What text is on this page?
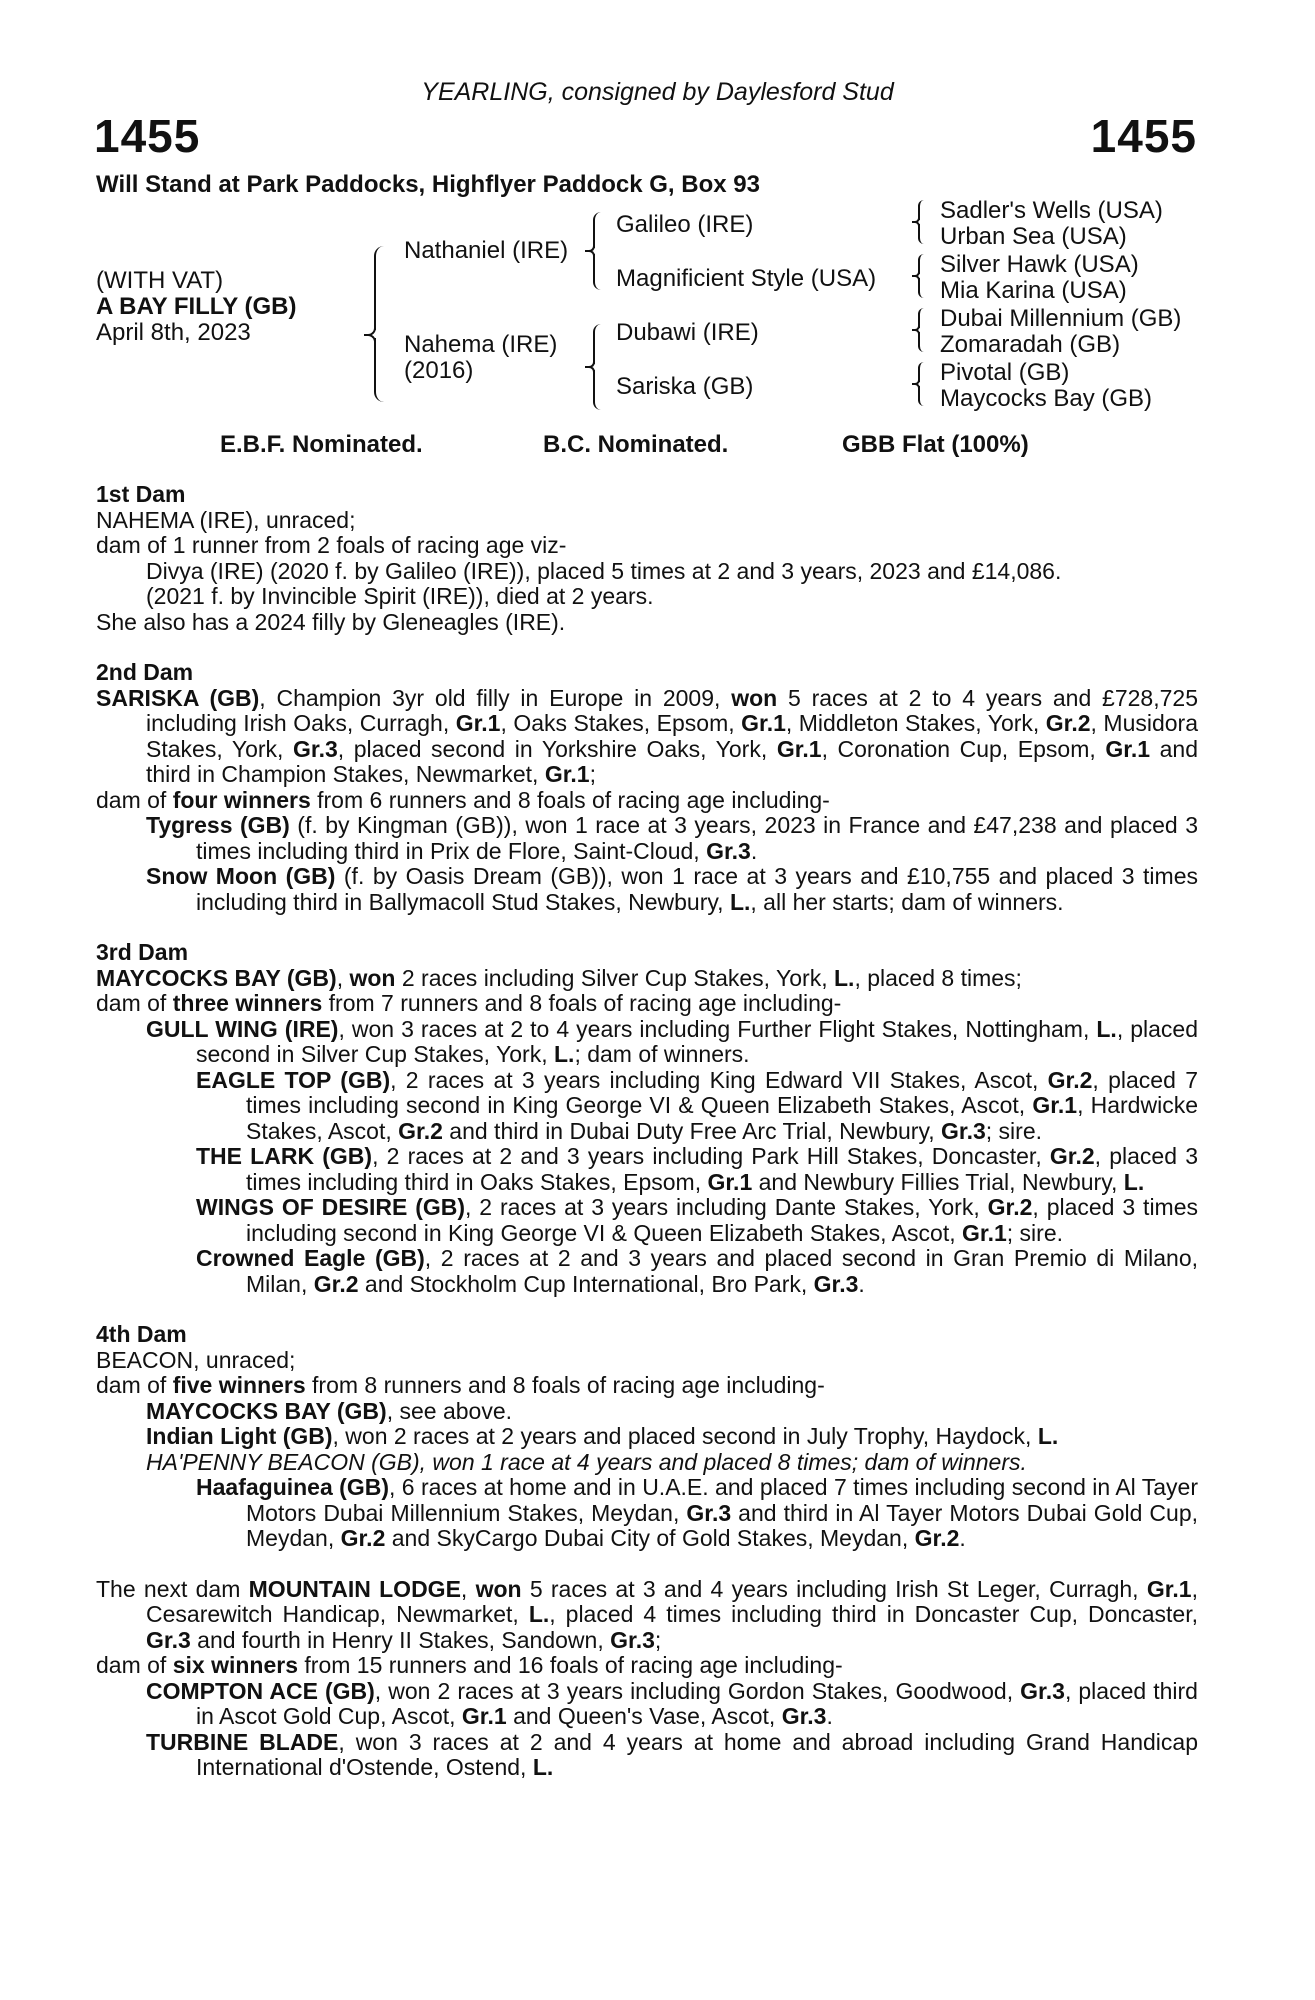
YEARLING, consigned by Daylesford Stud
1455	1455
Will Stand at Park Paddocks, Highflyer Paddock G, Box 93
(WITH VAT)
A BAY FILLY (GB)
April 8th, 2023
Nathaniel (IRE)
Nahema (IRE)
(2016)
Galileo (IRE)
Magnificient Style (USA)
Dubawi (IRE)
Sariska (GB)
Sadler's Wells (USA)
Urban Sea (USA)
Silver Hawk (USA)
Mia Karina (USA)
Dubai Millennium (GB)
Zomaradah (GB)
Pivotal (GB)
Maycocks Bay (GB)
E.B.F. Nominated.	B.C. Nominated.	GBB Flat (100%)
1st Dam

NAHEMA (IRE), unraced;

dam of 1 runner from 2 foals of racing age viz-

Divya (IRE) (2020 f. by Galileo (IRE)), placed 5 times at 2 and 3 years, 2023 and £14,086.

(2021 f. by Invincible Spirit (IRE)), died at 2 years.

She also has a 2024 filly by Gleneagles (IRE).

2nd Dam

SARISKA (GB), Champion 3yr old filly in Europe in 2009, won 5 races at 2 to 4 years and £728,725 including Irish Oaks, Curragh, Gr.1, Oaks Stakes, Epsom, Gr.1, Middleton Stakes, York, Gr.2, Musidora Stakes, York, Gr.3, placed second in Yorkshire Oaks, York, Gr.1, Coronation Cup, Epsom, Gr.1 and third in Champion Stakes, Newmarket, Gr.1;

dam of four winners from 6 runners and 8 foals of racing age including-

Tygress (GB) (f. by Kingman (GB)), won 1 race at 3 years, 2023 in France and £47,238 and placed 3 times including third in Prix de Flore, Saint-Cloud, Gr.3.

Snow Moon (GB) (f. by Oasis Dream (GB)), won 1 race at 3 years and £10,755 and placed 3 times including third in Ballymacoll Stud Stakes, Newbury, L., all her starts; dam of winners.

3rd Dam

MAYCOCKS BAY (GB), won 2 races including Silver Cup Stakes, York, L., placed 8 times;

dam of three winners from 7 runners and 8 foals of racing age including-

GULL WING (IRE), won 3 races at 2 to 4 years including Further Flight Stakes, Nottingham, L., placed second in Silver Cup Stakes, York, L.; dam of winners.

EAGLE TOP (GB), 2 races at 3 years including King Edward VII Stakes, Ascot, Gr.2, placed 7 times including second in King George VI & Queen Elizabeth Stakes, Ascot, Gr.1, Hardwicke Stakes, Ascot, Gr.2 and third in Dubai Duty Free Arc Trial, Newbury, Gr.3; sire.

THE LARK (GB), 2 races at 2 and 3 years including Park Hill Stakes, Doncaster, Gr.2, placed 3 times including third in Oaks Stakes, Epsom, Gr.1 and Newbury Fillies Trial, Newbury, L.

WINGS OF DESIRE (GB), 2 races at 3 years including Dante Stakes, York, Gr.2, placed 3 times including second in King George VI & Queen Elizabeth Stakes, Ascot, Gr.1; sire.

Crowned Eagle (GB), 2 races at 2 and 3 years and placed second in Gran Premio di Milano, Milan, Gr.2 and Stockholm Cup International, Bro Park, Gr.3.

4th Dam

BEACON, unraced;

dam of five winners from 8 runners and 8 foals of racing age including-

MAYCOCKS BAY (GB), see above.

Indian Light (GB), won 2 races at 2 years and placed second in July Trophy, Haydock, L.

HA'PENNY BEACON (GB), won 1 race at 4 years and placed 8 times; dam of winners.

Haafaguinea (GB), 6 races at home and in U.A.E. and placed 7 times including second in Al Tayer Motors Dubai Millennium Stakes, Meydan, Gr.3 and third in Al Tayer Motors Dubai Gold Cup, Meydan, Gr.2 and SkyCargo Dubai City of Gold Stakes, Meydan, Gr.2.

The next dam MOUNTAIN LODGE, won 5 races at 3 and 4 years including Irish St Leger, Curragh, Gr.1, Cesarewitch Handicap, Newmarket, L., placed 4 times including third in Doncaster Cup, Doncaster, Gr.3 and fourth in Henry II Stakes, Sandown, Gr.3;

dam of six winners from 15 runners and 16 foals of racing age including-

COMPTON ACE (GB), won 2 races at 3 years including Gordon Stakes, Goodwood, Gr.3, placed third in Ascot Gold Cup, Ascot, Gr.1 and Queen's Vase, Ascot, Gr.3.

TURBINE BLADE, won 3 races at 2 and 4 years at home and abroad including Grand Handicap International d'Ostende, Ostend, L.
